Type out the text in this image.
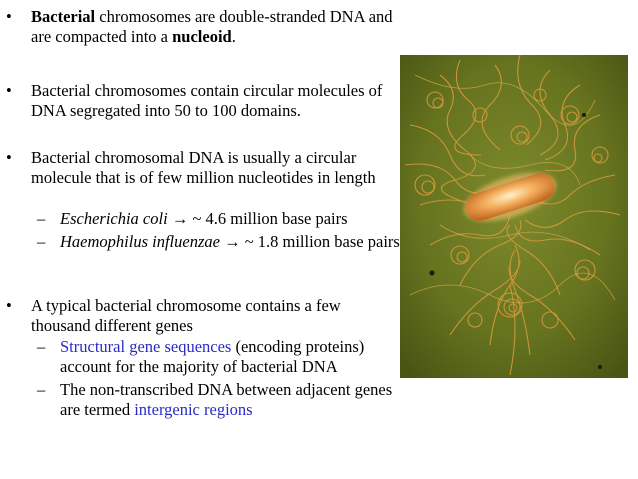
• Bacterial chromosomes are double-stranded DNA and are compacted into a nucleoid.
• Bacterial chromosomes contain circular molecules of DNA segregated into 50 to 100 domains.
• Bacterial chromosomal DNA is usually a circular molecule that is of few million nucleotides in length
– Escherichia coli → ~ 4.6 million base pairs
– Haemophilus influenzae → ~ 1.8 million base pairs
• A typical bacterial chromosome contains a few thousand different genes
– Structural gene sequences (encoding proteins) account for the majority of bacterial DNA
– The non-transcribed DNA between adjacent genes are termed intergenic regions
